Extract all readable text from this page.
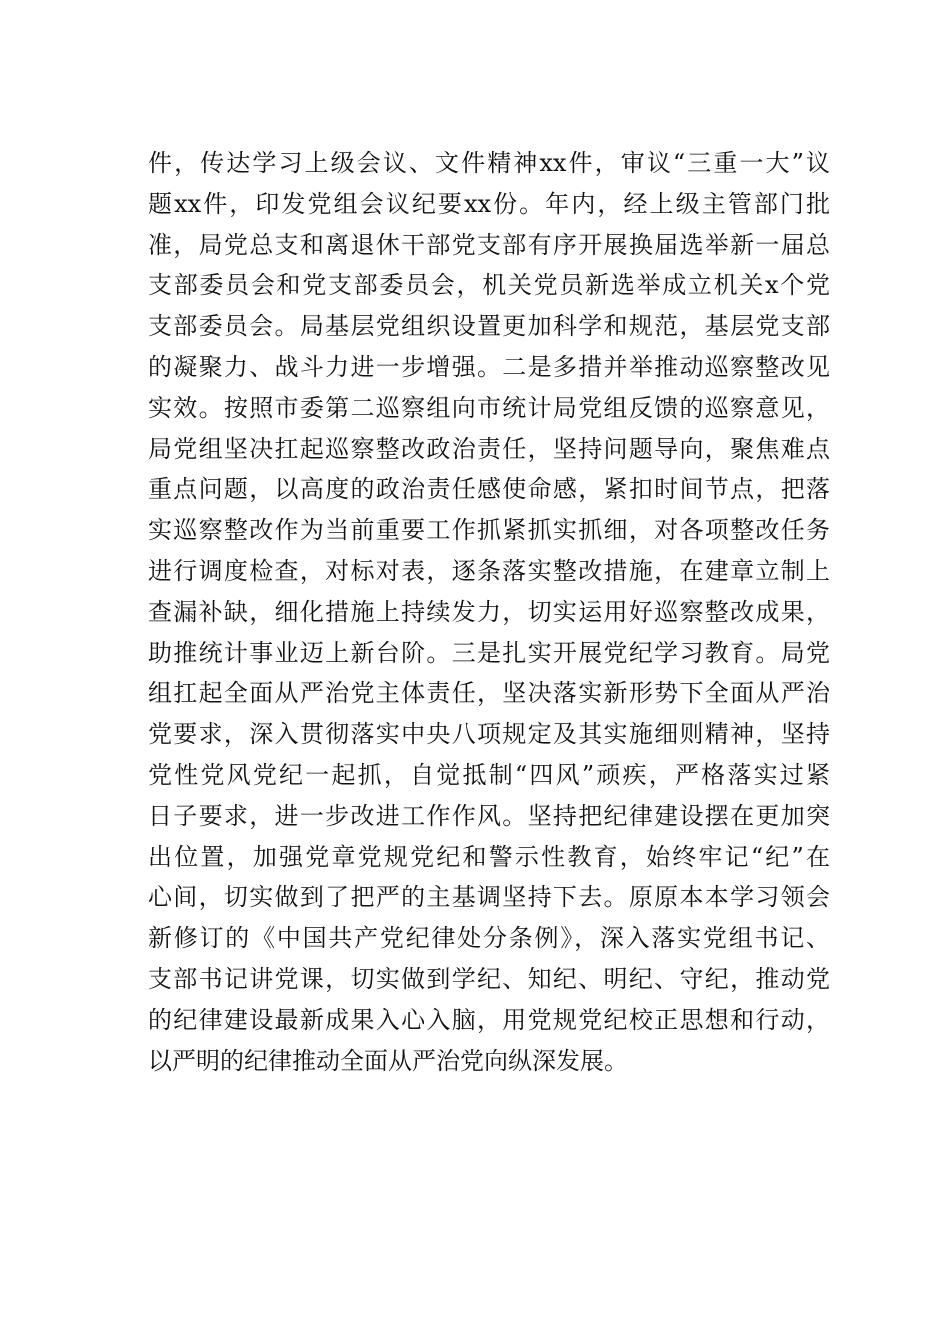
件，传达学习上级会议、文件精神xx件，审议“三重一大”议
题xx件，印发党组会议纪要xx份。年内，经上级主管部门批
准，局党总支和离退休干部党支部有序开展换届选举新一届总
支部委员会和党支部委员会，机关党员新选举成立机关x个党
支部委员会。局基层党组织设置更加科学和规范，基层党支部
的凝聚力、战斗力进一步增强。二是多措并举推动巡察整改见
实效。按照市委第二巡察组向市统计局党组反馈的巡察意见，
局党组坚决扛起巡察整改政治责任，坚持问题导向，聚焦难点
重点问题，以高度的政治责任感使命感，紧扣时间节点，把落
实巡察整改作为当前重要工作抓紧抓实抓细，对各项整改任务
进行调度检查，对标对表，逐条落实整改措施，在建章立制上
查漏补缺，细化措施上持续发力，切实运用好巡察整改成果，
助推统计事业迈上新台阶。三是扎实开展党纪学习教育。局党
组扛起全面从严治党主体责任，坚决落实新形势下全面从严治
党要求，深入贯彻落实中央八项规定及其实施细则精神，坚持
党性党风党纪一起抓，自觉抵制“四风”顽疾，严格落实过紧
日子要求，进一步改进工作作风。坚持把纪律建设摆在更加突
出位置，加强党章党规党纪和警示性教育，始终牢记“纪”在
心间，切实做到了把严的主基调坚持下去。原原本本学习领会
新修订的《中国共产党纪律处分条例》，深入落实党组书记、
支部书记讲党课，切实做到学纪、知纪、明纪、守纪，推动党
的纪律建设最新成果入心入脑，用党规党纪校正思想和行动，
以严明的纪律推动全面从严治党向纵深发展。
